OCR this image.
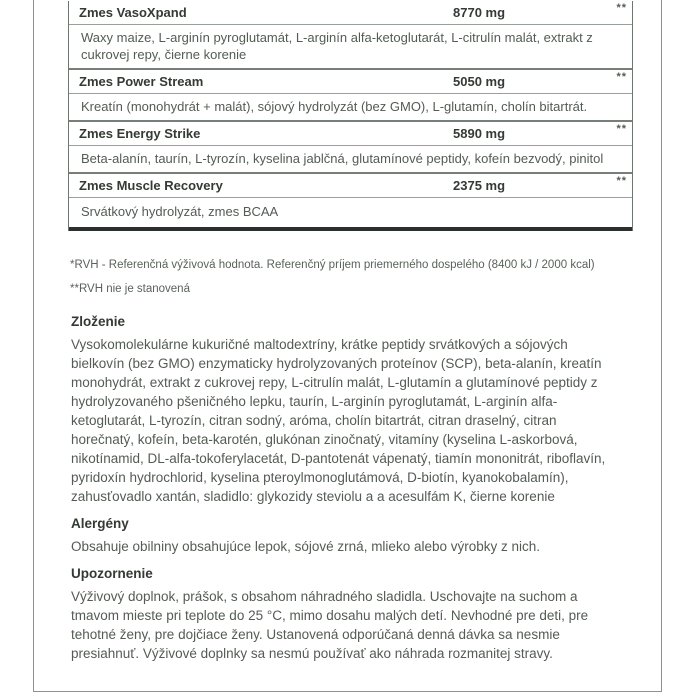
Zmes VasoXpand	8770 mg	**
Waxy maize, L-arginín pyroglutamát, L-arginín alfa-ketoglutarát, L-citrulín malát, extrakt z cukrovej repy, čierne korenie
Zmes Power Stream	5050 mg	**
Kreatín (monohydrát + malát), sójový hydrolyzát (bez GMO), L-glutamín, cholín bitartrát.
Zmes Energy Strike	5890 mg	**
Beta-alanín, taurín, L-tyrozín, kyselina jablčná, glutamínové peptidy, kofeín bezvodý, pinitol
Zmes Muscle Recovery	2375 mg	**
Srvátkový hydrolyzát, zmes BCAA
*RVH - Referenčná výživová hodnota. Referenčný príjem priemerného dospelého (8400 kJ / 2000 kcal)
**RVH nie je stanovená
Zloženie

Vysokomolekulárne kukuričné maltodextríny, krátke peptidy srvátkových a sójových bielkovín (bez GMO) enzymaticky hydrolyzovaných proteínov (SCP), beta-alanín, kreatín monohydrát, extrakt z cukrovej repy, L-citrulín malát, L-glutamín a glutamínové peptidy z hydrolyzovaného pšeničného lepku, taurín, L-arginín pyroglutamát, L-arginín alfa-ketoglutarát, L-tyrozín, citran sodný, aróma, cholín bitartrát, citran draselný, citran horečnatý, kofeín, beta-karotén, glukónan zinočnatý, vitamíny (kyselina L-askorbová, nikotínamid, DL-alfa-tokoferylacetát, D-pantotenát vápenatý, tiamín mononitrát, riboflavín, pyridoxín hydrochlorid, kyselina pteroylmonoglutámová, D-biotín, kyanokobalamín), zahusťovadlo xantán, sladidlo: glykozidy steviolu a a acesulfám K, čierne korenie

Alergény

Obsahuje obilniny obsahujúce lepok, sójové zrná, mlieko alebo výrobky z nich.

Upozornenie

Výživový doplnok, prášok, s obsahom náhradného sladidla. Uschovajte na suchom a tmavom mieste pri teplote do 25 °C, mimo dosahu malých detí. Nevhodné pre deti, pre tehotné ženy, pre dojčiace ženy. Ustanovená odporúčaná denná dávka sa nesmie presiahnuť. Výživové doplnky sa nesmú používať ako náhrada rozmanitej stravy.
